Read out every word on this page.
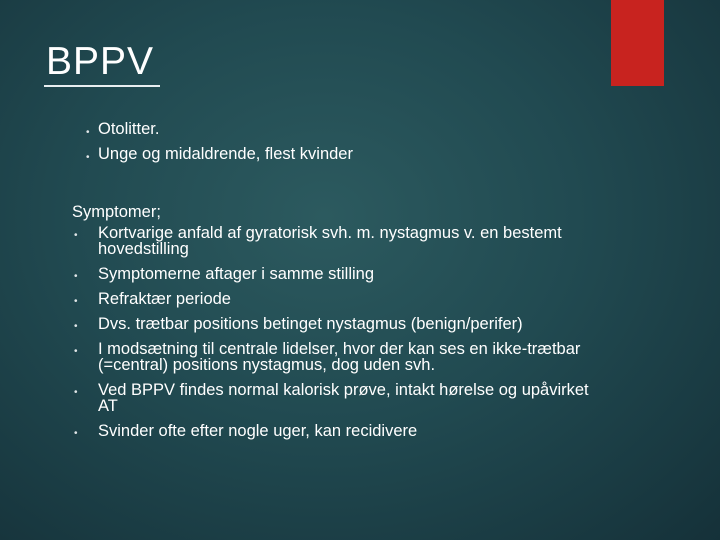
BPPV
• Otolitter.
• Unge og midaldrende, flest kvinder
Symptomer;
• Kortvarige anfald af gyratorisk svh. m. nystagmus v. en bestemt hovedstilling
• Symptomerne aftager i samme stilling
• Refraktær periode
• Dvs. trætbar positions betinget nystagmus (benign/perifer)
• I modsætning til centrale lidelser, hvor der kan ses en ikke-trætbar (=central) positions nystagmus, dog uden svh.
• Ved BPPV findes normal kalorisk prøve, intakt hørelse og upåvirket AT
• Svinder ofte efter nogle uger, kan recidivere
